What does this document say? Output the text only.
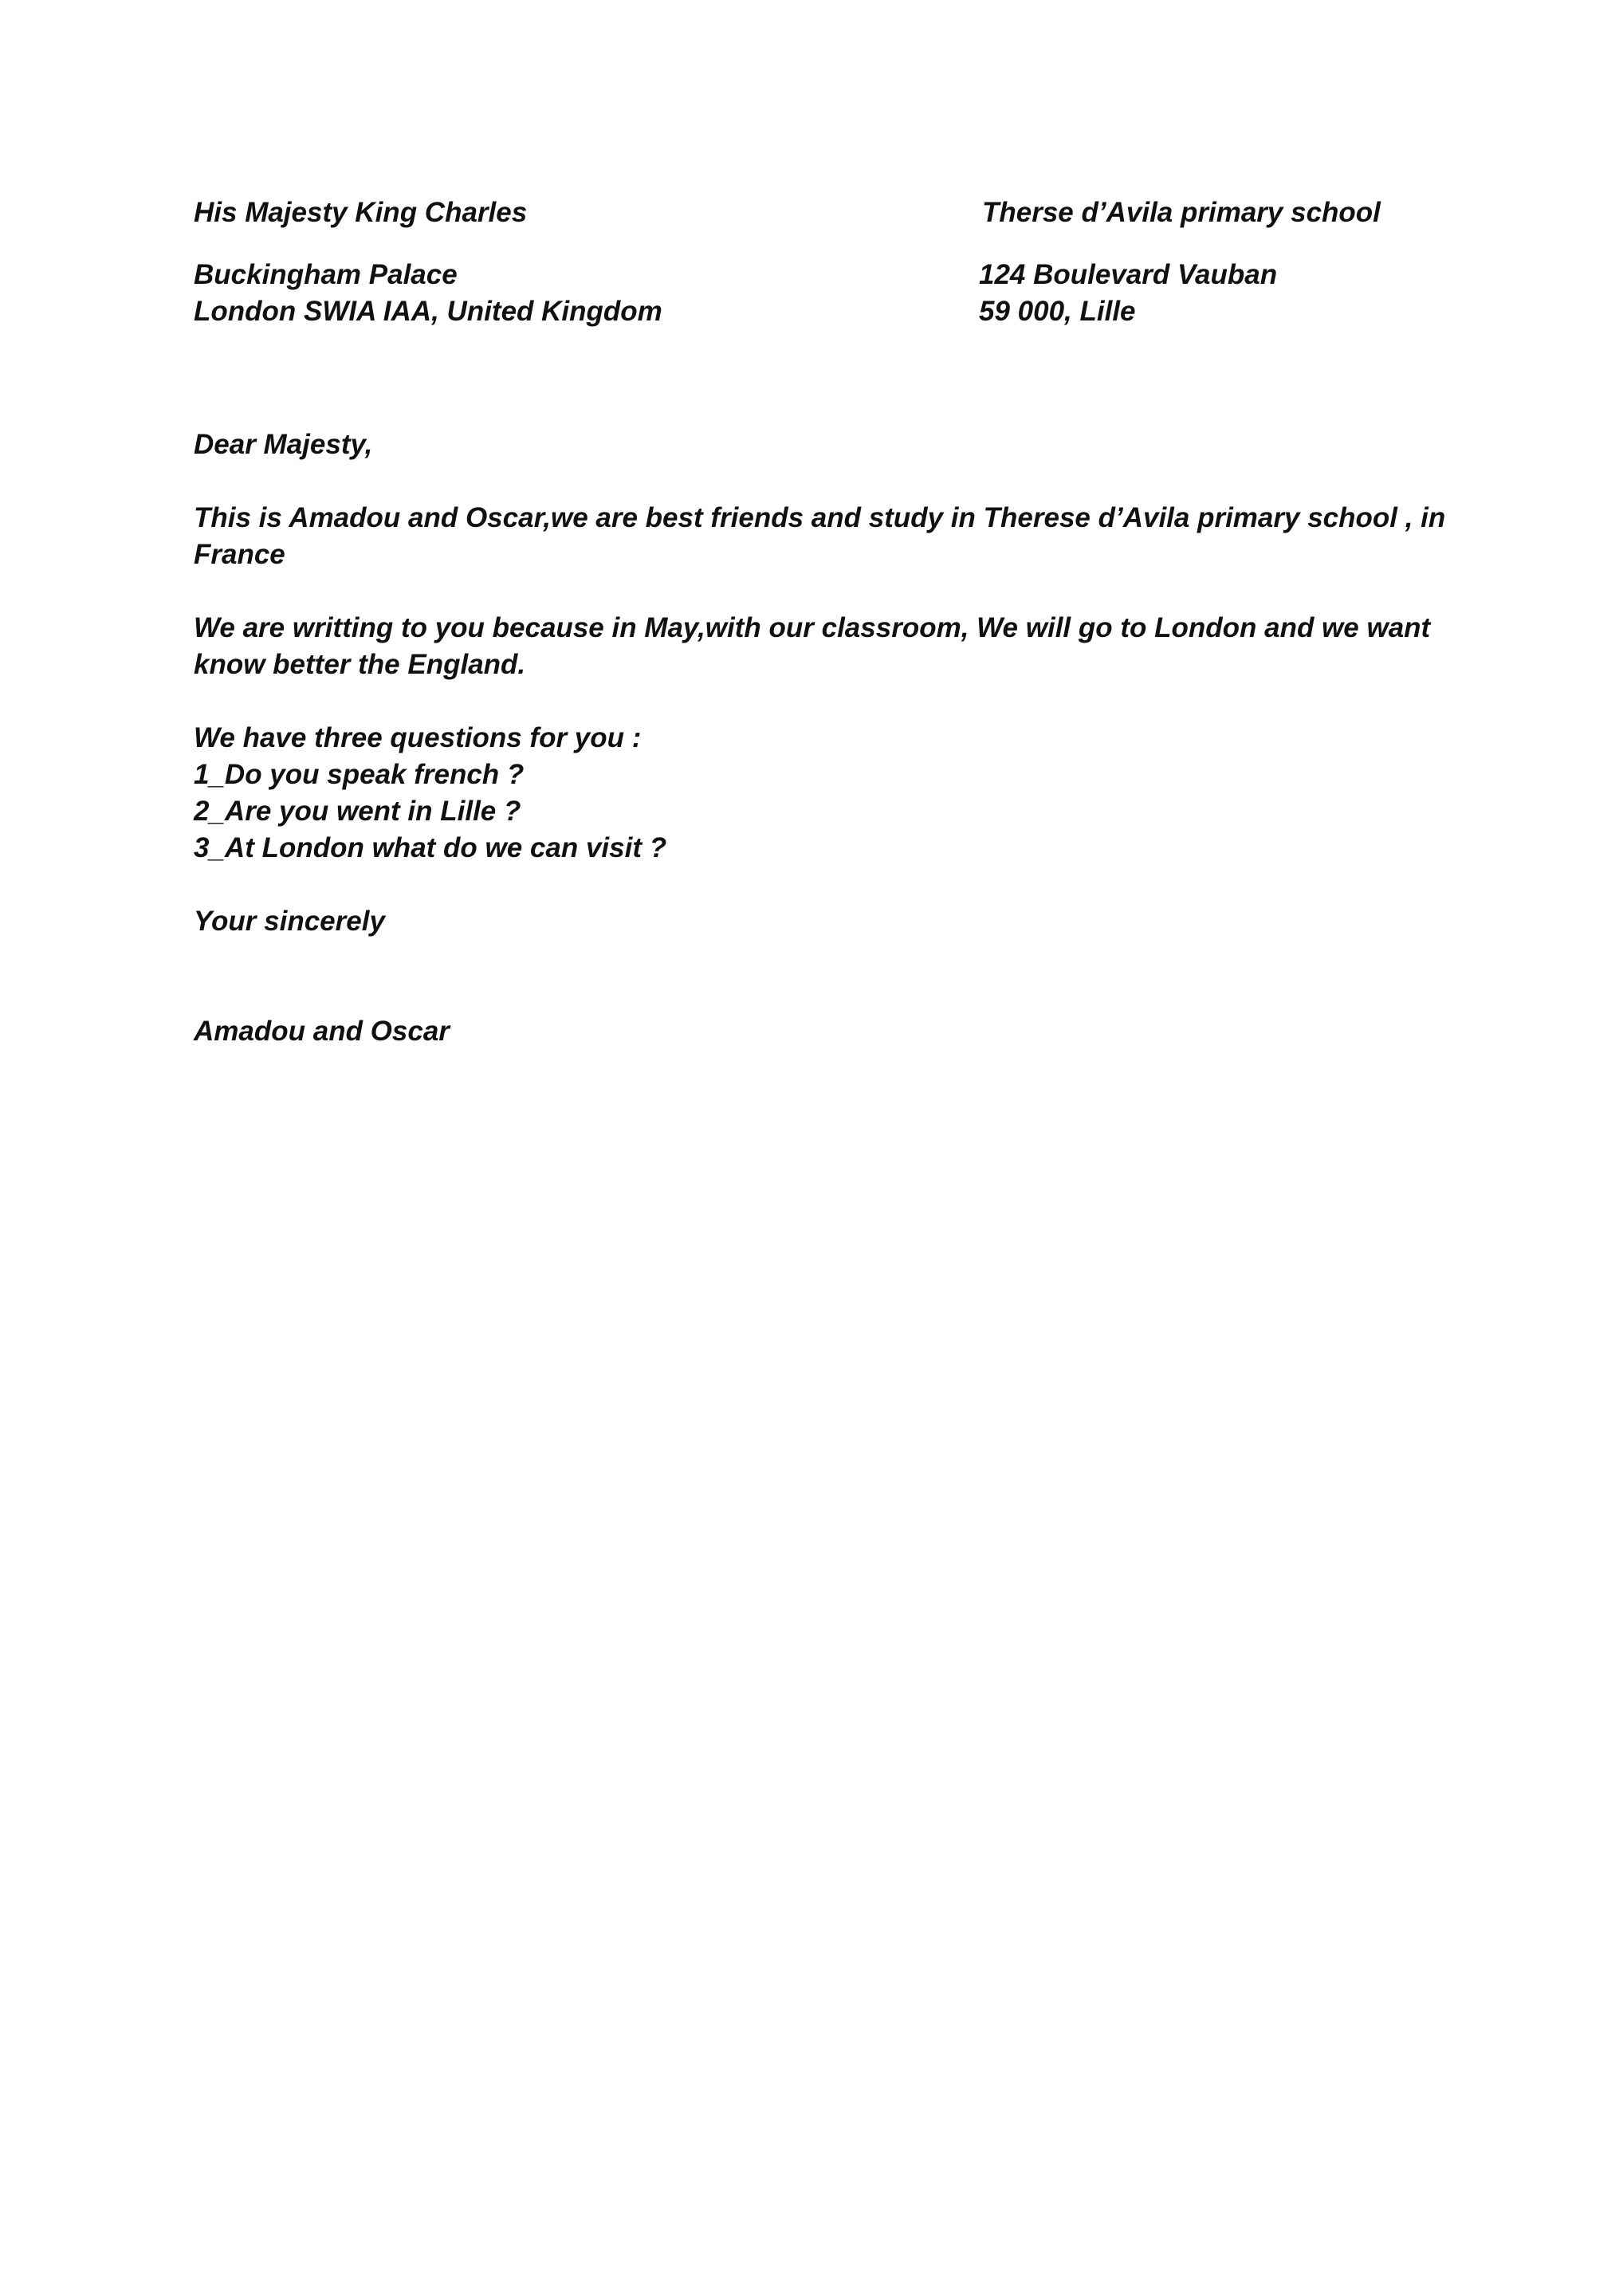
His Majesty King Charles
Buckingham Palace
London SWIA IAA, United Kingdom
Therse d’Avila primary school
124 Boulevard Vauban
59 000, Lille
Dear Majesty,
This is Amadou and Oscar,we are best friends and study in Therese d’Avila primary school , in
France
We are writting to you because in May,with our classroom, We will go to London and we want
know better the England.
We have three questions for you :
1_Do you speak french ?
2_Are you went in Lille ?
3_At London what do we can visit ?
Your sincerely
Amadou and Oscar
